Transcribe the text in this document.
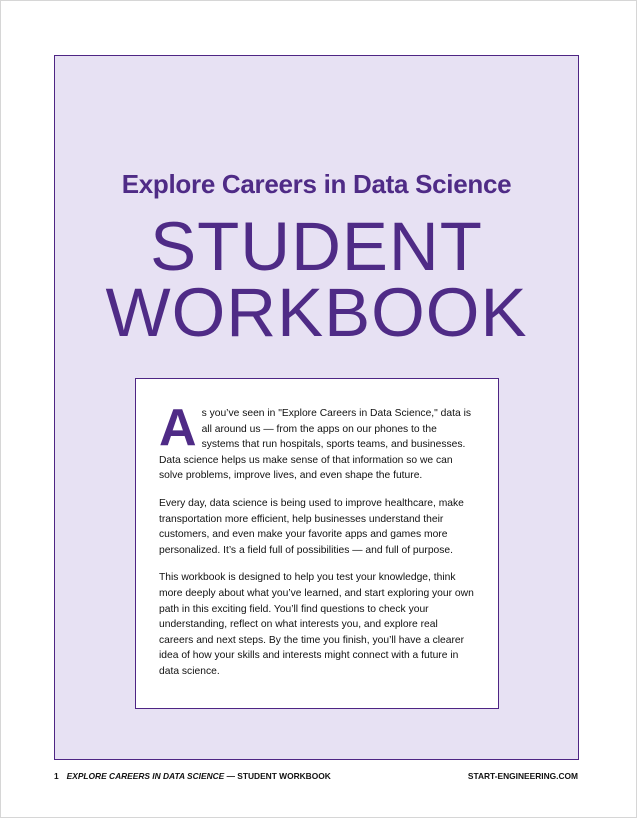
Explore Careers in Data Science
STUDENT
WORKBOOK

As you’ve seen in "Explore Careers in Data Science," data is all around us — from the apps on our phones to the systems that run hospitals, sports teams, and businesses. Data science helps us make sense of that information so we can solve problems, improve lives, and even shape the future.

Every day, data science is being used to improve healthcare, make transportation more efficient, help businesses understand their customers, and even make your favorite apps and games more personalized. It’s a field full of possibilities — and full of purpose.

This workbook is designed to help you test your knowledge, think more deeply about what you’ve learned, and start exploring your own path in this exciting field. You’ll find questions to check your understanding, reflect on what interests you, and explore real careers and next steps. By the time you finish, you’ll have a clearer idea of how your skills and interests might connect with a future in data science.

1 EXPLORE CAREERS IN DATA SCIENCE — STUDENT WORKBOOK	START-ENGINEERING.COM
